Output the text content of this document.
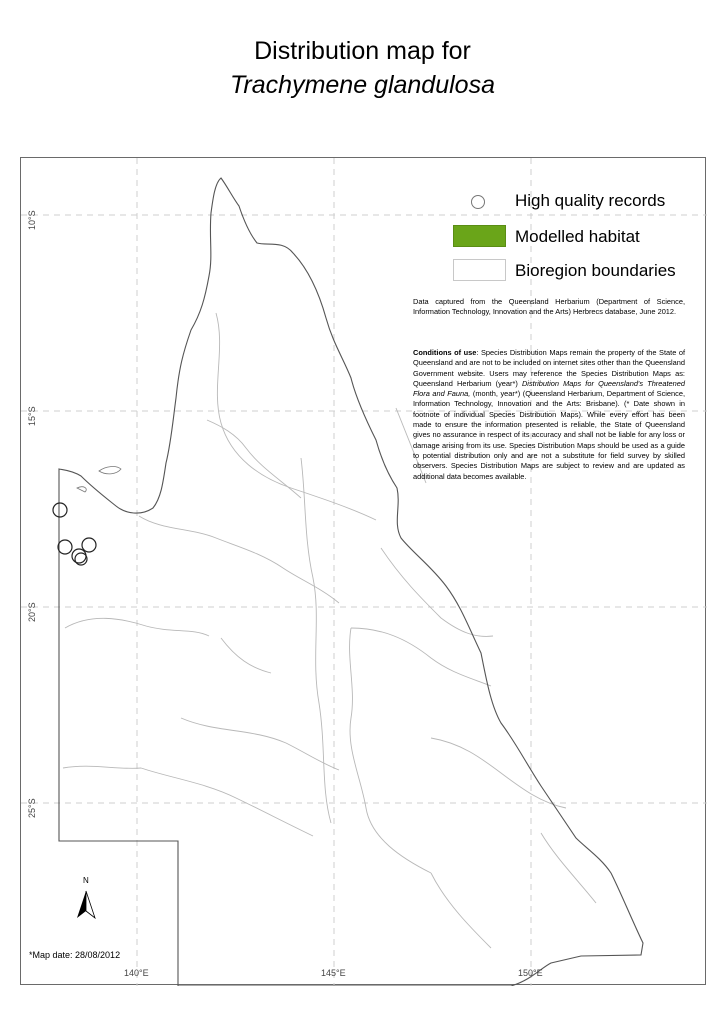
Distribution map for
Trachymene glandulosa
10°S
15°S
20°S
25°S
140°E	145°E	150°E
High quality records
Modelled habitat
Bioregion boundaries
Data captured from the Queensland Herbarium (Department of Science, Information Technology, Innovation and the Arts) Herbrecs database, June 2012.
Conditions of use: Species Distribution Maps remain the property of the State of Queensland and are not to be included on internet sites other than the Queensland Government website. Users may reference the Species Distribution Maps as: Queensland Herbarium (year*) Distribution Maps for Queensland's Threatened Flora and Fauna, (month, year*) (Queensland Herbarium, Department of Science, Information Technology, Innovation and the Arts: Brisbane). (* Date shown in footnote of individual Species Distribution Maps). While every effort has been made to ensure the information presented is reliable, the State of Queensland gives no assurance in respect of its accuracy and shall not be liable for any loss or damage arising from its use. Species Distribution Maps should be used as a guide to potential distribution only and are not a substitute for field survey by skilled observers. Species Distribution Maps are subject to review and are updated as additional data becomes available.
N
*Map date: 28/08/2012
